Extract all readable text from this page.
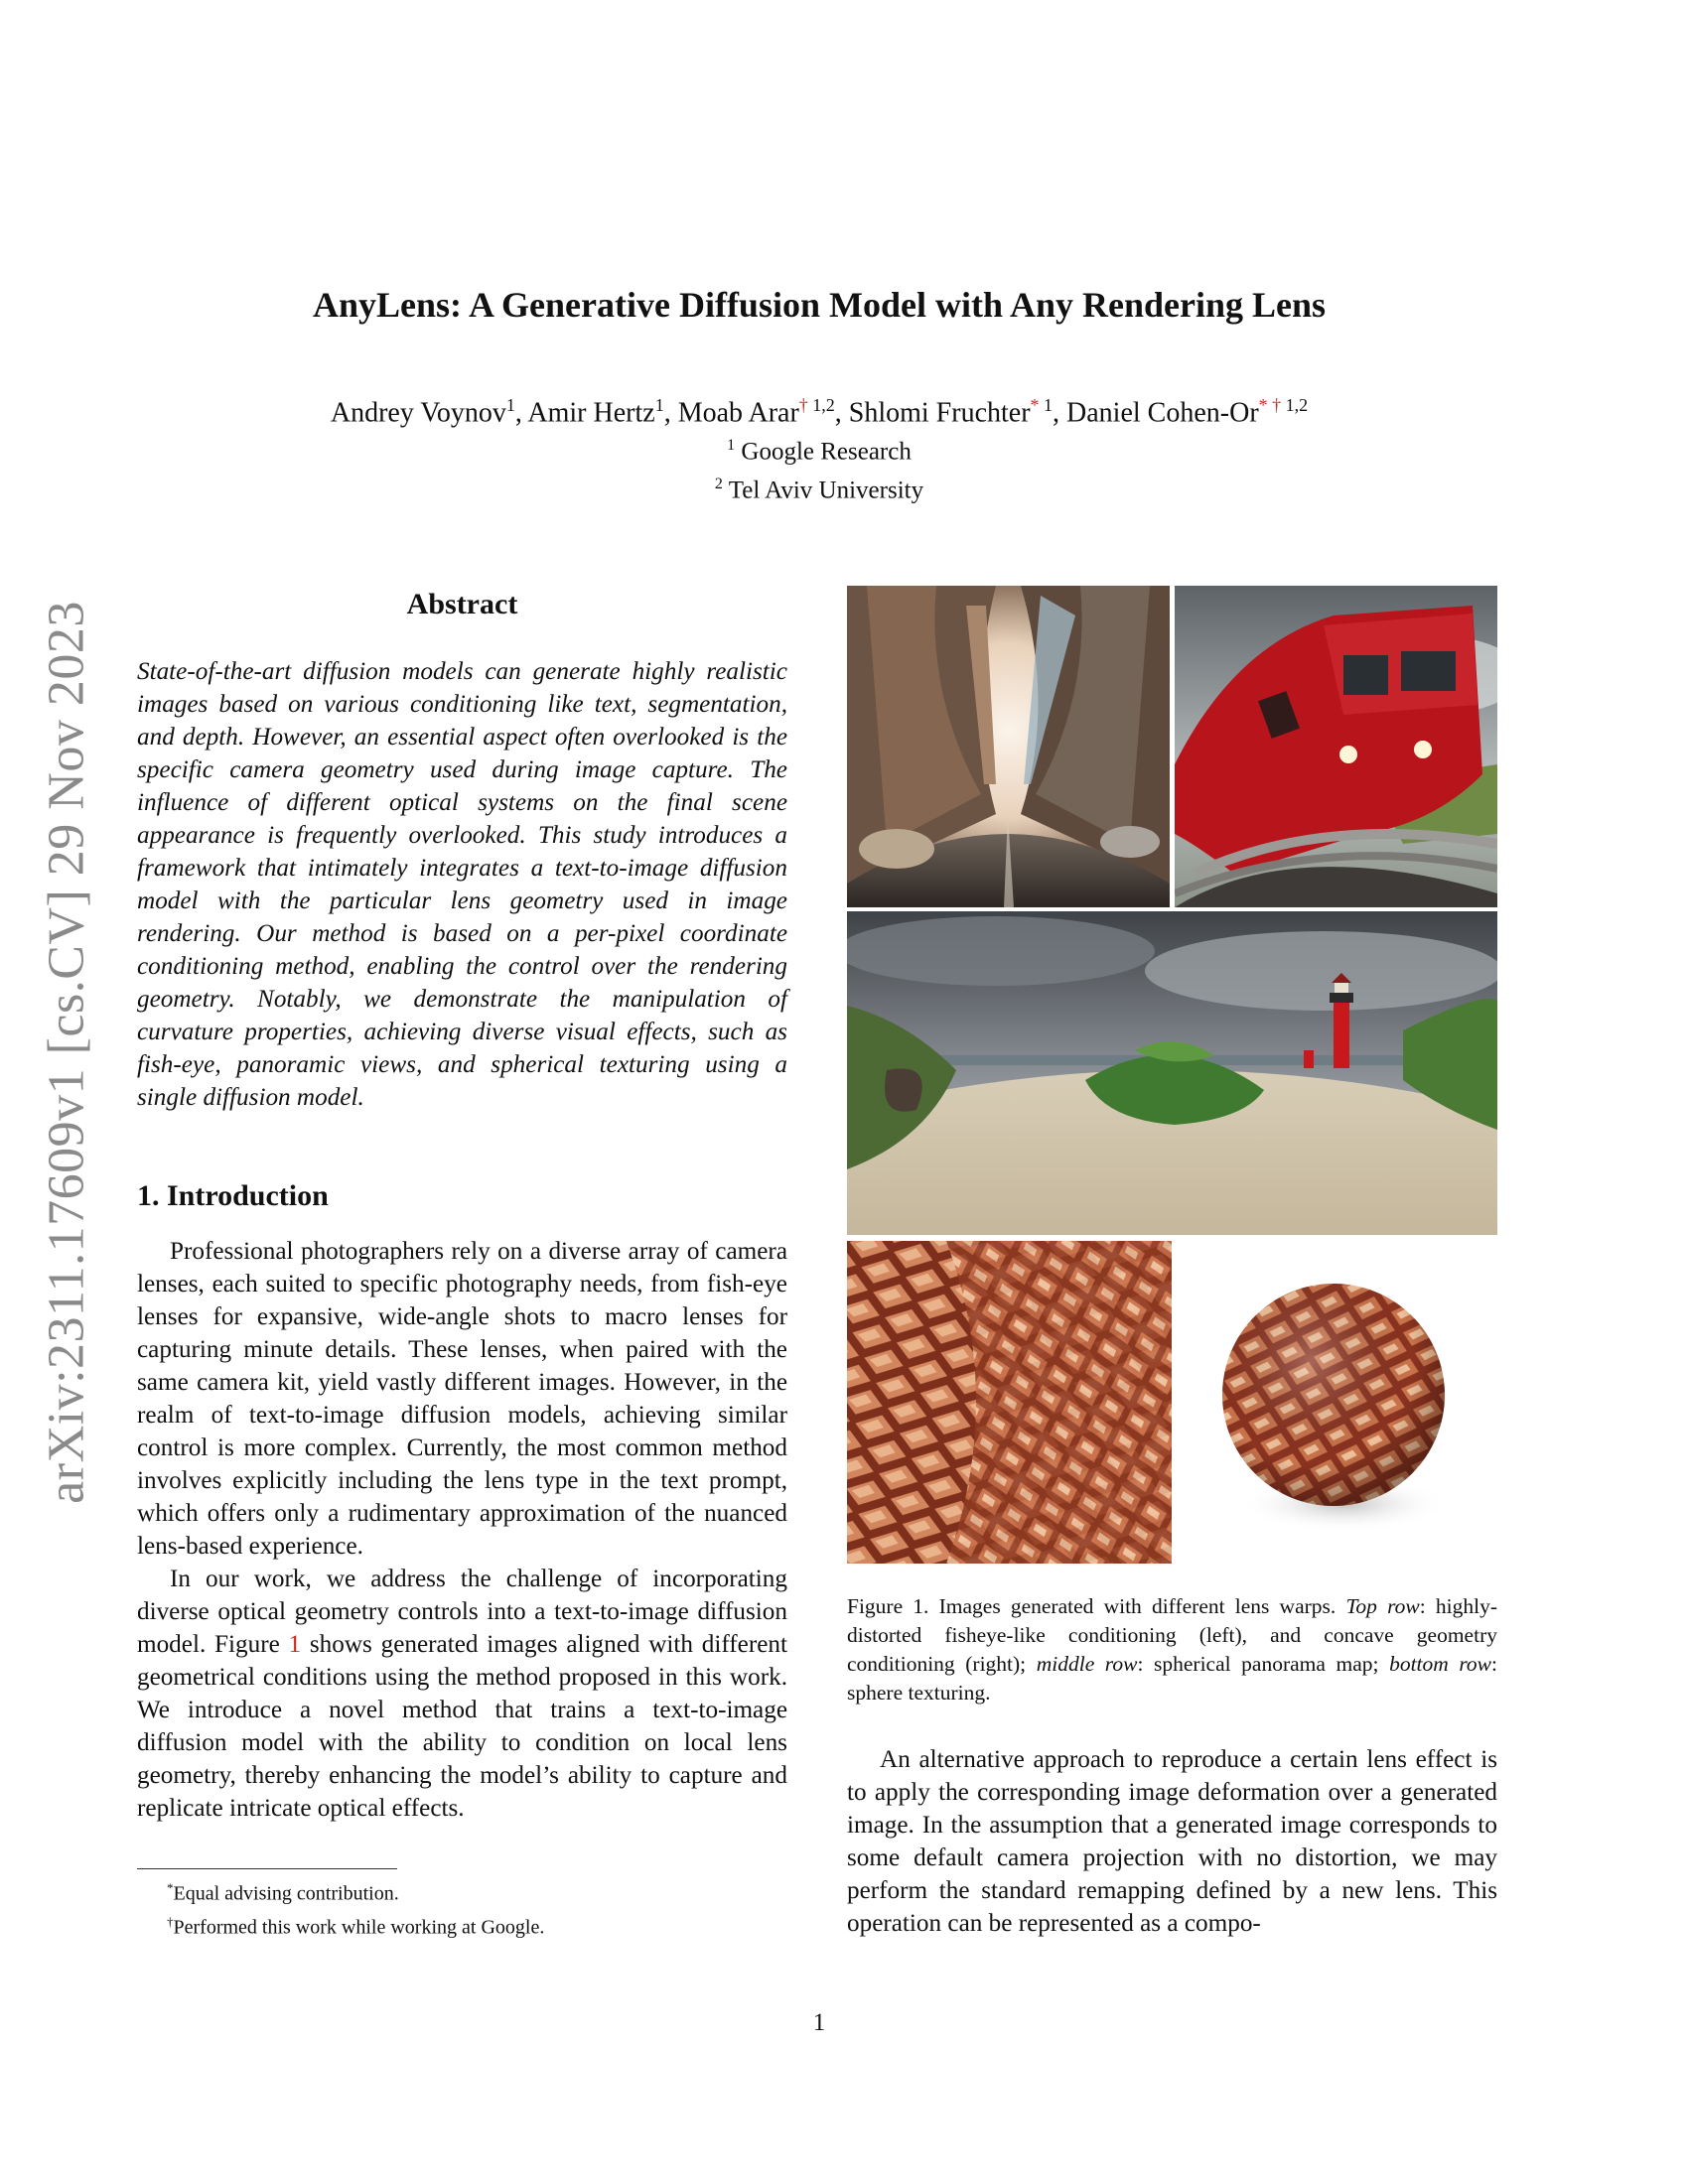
arXiv:2311.17609v1 [cs.CV] 29 Nov 2023
AnyLens: A Generative Diffusion Model with Any Rendering Lens
Andrey Voynov$^1$, Amir Hertz$^1$, Moab Arar$^{\dagger 1,2}$, Shlomi Fruchter$^{* 1}$, Daniel Cohen-$Or^{* \dagger 1,2}$
$^1$ Google Research
$^2$ Tel Aviv University
Abstract
State-of-the-art diffusion models can generate highly realistic images based on various conditioning like text, segmentation, and depth. However, an essential aspect often overlooked is the specific camera geometry used during image capture. The influence of different optical systems on the final scene appearance is frequently overlooked. This study introduces a framework that intimately integrates a text-to-image diffusion model with the particular lens geometry used in image rendering. Our method is based on a per-pixel coordinate conditioning method, enabling the control over the rendering geometry. Notably, we demonstrate the manipulation of curvature properties, achieving diverse visual effects, such as fish-eye, panoramic views, and spherical texturing using a single diffusion model.
1. Introduction

Professional photographers rely on a diverse array of camera lenses, each suited to specific photography needs, from fish-eye lenses for expansive, wide-angle shots to macro lenses for capturing minute details. These lenses, when paired with the same camera kit, yield vastly different images. However, in the realm of text-to-image diffusion models, achieving similar control is more complex. Currently, the most common method involves explicitly including the lens type in the text prompt, which offers only a rudimentary approximation of the nuanced lens-based experience.

In our work, we address the challenge of incorporating diverse optical geometry controls into a text-to-image diffusion model. Figure 1 shows generated images aligned with different geometrical conditions using the method proposed in this work. We introduce a novel method that trains a text-to-image diffusion model with the ability to condition on local lens geometry, thereby enhancing the model’s ability to capture and replicate intricate optical effects.

*Equal advising contribution.
†Performed this work while working at Google.
Figure 1. Images generated with different lens warps. Top row: highly-distorted fisheye-like conditioning (left), and concave geometry conditioning (right); middle row: spherical panorama map; bottom row: sphere texturing.

An alternative approach to reproduce a certain lens effect is to apply the corresponding image deformation over a generated image. In the assumption that a generated image corresponds to some default camera projection with no distortion, we may perform the standard remapping defined by a new lens. This operation can be represented as a compo-

1
